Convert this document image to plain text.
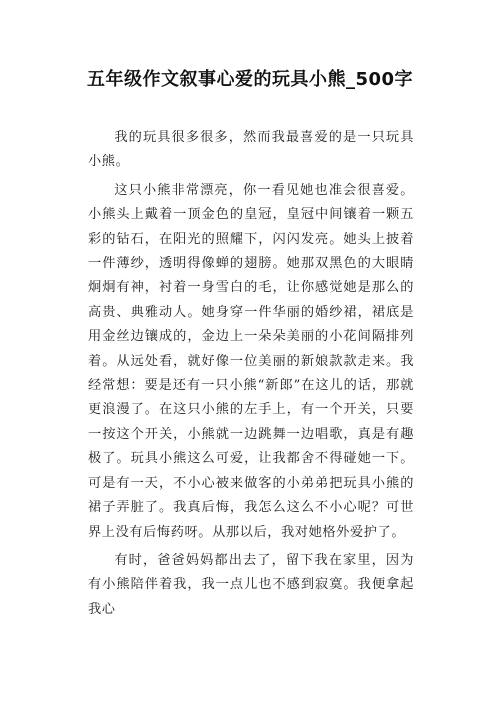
五年级作文叙事心爱的玩具小熊_500字

我的玩具很多很多，然而我最喜爱的是一只玩具小熊。

这只小熊非常漂亮，你一看见她也准会很喜爱。小熊头上戴着一顶金色的皇冠，皇冠中间镶着一颗五彩的钻石，在阳光的照耀下，闪闪发亮。她头上披着一件薄纱，透明得像蝉的翅膀。她那双黑色的大眼睛炯炯有神，衬着一身雪白的毛，让你感觉她是那么的高贵、典雅动人。她身穿一件华丽的婚纱裙，裙底是用金丝边镶成的，金边上一朵朵美丽的小花间隔排列着。从远处看，就好像一位美丽的新娘款款走来。我经常想：要是还有一只小熊“新郎”在这儿的话，那就更浪漫了。在这只小熊的左手上，有一个开关，只要一按这个开关，小熊就一边跳舞一边唱歌，真是有趣极了。玩具小熊这么可爱，让我都舍不得碰她一下。可是有一天，不小心被来做客的小弟弟把玩具小熊的裙子弄脏了。我真后悔，我怎么这么不小心呢？可世界上没有后悔药呀。从那以后，我对她格外爱护了。

有时，爸爸妈妈都出去了，留下我在家里，因为有小熊陪伴着我，我一点儿也不感到寂寞。我便拿起我心
